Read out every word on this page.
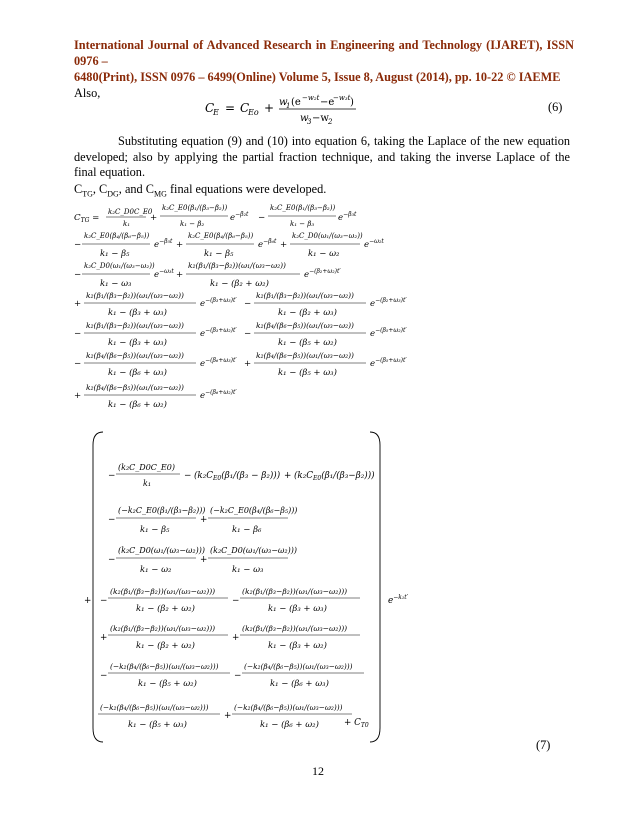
International Journal of Advanced Research in Engineering and Technology (IJARET), ISSN 0976 –
6480(Print), ISSN 0976 – 6499(Online) Volume 5, Issue 8, August (2014), pp. 10-22 © IAEME
Also,
C
E = C
Eo + w
1 (e −w₂t −e
−w₃t )
w
3 −w 2
(6)
Substituting equation (9) and (10) into equation 6, taking the Laplace of the new equation developed; also by applying the partial fraction technique, and taking the inverse Laplace of the final equation.
$C_{TG}$, $C_{DG}$, and $C_{MG}$ final equations were developed.
$C_{TG}$ =
k₂C_D0C_E0
k₁
+
k₂C_E0(β₁/(β₃−β₂))
k₁ − β₂
$e^{-\beta_2t}$ −
k₂C_E0(β₁/(β₃−β₂))
k₁ − β₃
$e^{-\beta_3t}$
−
k₂C_E0(β₄/(β₆−β₅))
k₁ − β₅
$e^{-\beta_5t}$ +
k₂C_E0(β₄/(β₆−β₅))
k₁ − β₅
$e^{-\beta_6t}$ +
k₂C_D0(ω₁/(ω₃−ω₂))
k₁ − ω₂
$e^{-\omega_2t}$
−
k₂C_D0(ω₁/(ω₃−ω₂))
k₁ − ω₃
$e^{-\omega_3t}$ +
k₂(β₁/(β₃−β₂))(ω₁/(ω₃−ω₂))
k₁ − (β₂ + ω₂)
$e^{-(\beta_2+\omega_2)t'}$
+
k₂(β₁/(β₃−β₂))(ω₁/(ω₃−ω₂))
k₁ − (β₃ + ω₃)
$e^{-(\beta_3+\omega_3)t'}$ −
k₂(β₁/(β₃−β₂))(ω₁/(ω₃−ω₂))
k₁ − (β₂ + ω₃)
$e^{-(\beta_2+\omega_3)t'}$
−
k₂(β₁/(β₃−β₂))(ω₁/(ω₃−ω₂))
k₁ − (β₃ + ω₃)
$e^{-(\beta_3+\omega_2)t'}$ −
k₂(β₄/(β₆−β₅))(ω₁/(ω₃−ω₂))
k₁ − (β₅ + ω₂)
$e^{-(\beta_5+\omega_2)t'}$
−
k₂(β₄/(β₆−β₅))(ω₁/(ω₃−ω₂))
k₁ − (β₆ + ω₃)
$e^{-(\beta_6+\omega_3)t'}$ +
k₂(β₄/(β₆−β₅))(ω₁/(ω₃−ω₂))
k₁ − (β₅ + ω₃)
$e^{-(\beta_5+\omega_3)t'}$
+
k₂(β₄/(β₆−β₅))(ω₁/(ω₃−ω₂))
k₁ − (β₆ + ω₂)
$e^{-(\beta_6+\omega_2)t'}$
+
−
(k₂C_D0C_E0)
k₁
− $(k_2C_{E0}(\beta_1/(\beta_3 - \beta_2))) + (k_2C_{E0}(\beta_1/(\beta_3-\beta_2)))$
−
(−k₂C_E0(β₁/(β₃−β₂)))
k₁ − β₅
+
(−k₂C_E0(β₄/(β₆−β₅)))
k₁ − β₆
−
(k₂C_D0(ω₁/(ω₃−ω₂)))
k₁ − ω₂
+
(k₂C_D0(ω₁/(ω₃−ω₂)))
k₁ − ω₃
−
(k₂(β₁/(β₃−β₂))(ω₁/(ω₃−ω₂)))
k₁ − (β₂ + ω₂)
−
(k₂(β₁/(β₃−β₂))(ω₁/(ω₃−ω₂)))
k₁ − (β₃ + ω₃)
+
(k₂(β₁/(β₃−β₂))(ω₁/(ω₃−ω₂)))
k₁ − (β₂ + ω₂)
+
(k₂(β₁/(β₃−β₂))(ω₁/(ω₃−ω₂)))
k₁ − (β₃ + ω₂)
−
(−k₂(β₄/(β₆−β₅))(ω₁/(ω₃−ω₂)))
k₁ − (β₅ + ω₂)
−
(−k₂(β₄/(β₆−β₅))(ω₁/(ω₃−ω₂)))
k₁ − (β₆ + ω₃)
(−k₂(β₄/(β₆−β₅))(ω₁/(ω₃−ω₂)))
k₁ − (β₅ + ω₃)
+
(−k₂(β₄/(β₆−β₅))(ω₁/(ω₃−ω₂)))
k₁ − (β₆ + ω₂)	+ $C_{T0}$
$e^{-k_1t'}$
(7)
12
